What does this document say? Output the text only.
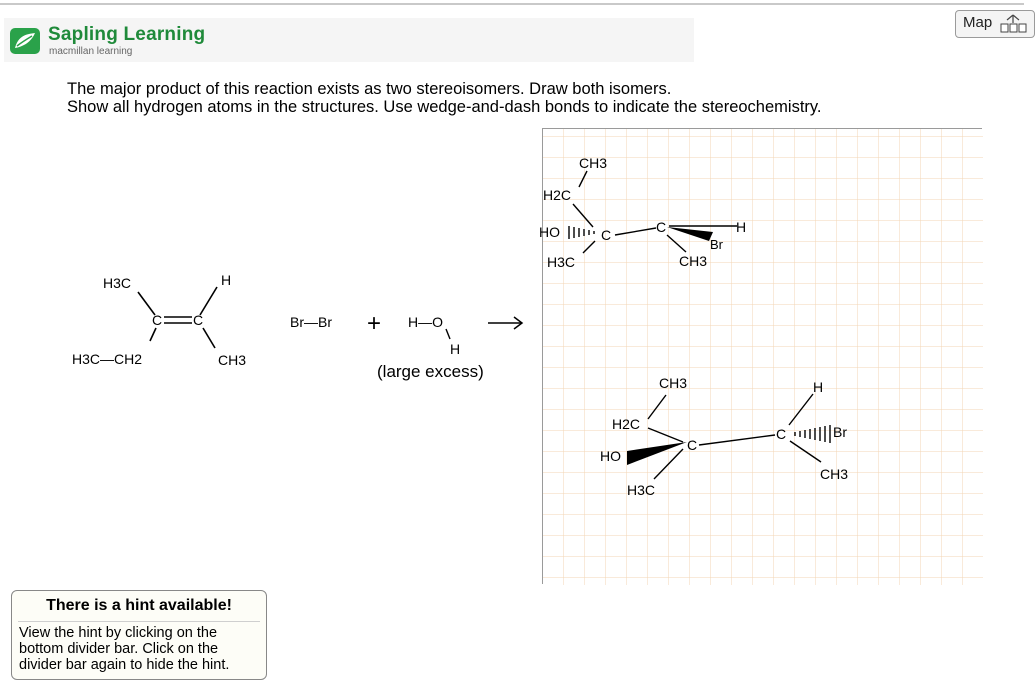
Sapling Learning
macmillan learning
Map
The major product of this reaction exists as two stereoisomers. Draw both isomers.
Show all hydrogen atoms in the structures. Use wedge-and-dash bonds to indicate the stereochemistry.
H3C	H
C C
H3C—CH2	CH3
Br—Br + H—O
H
(large excess)
CH3
H2C
HO	C
H3C
C	H
Br
CH3
CH3
H2C
HO
C
H3C
H
C	Br
CH3
There is a hint available!
View the hint by clicking on the bottom divider bar. Click on the divider bar again to hide the hint.
